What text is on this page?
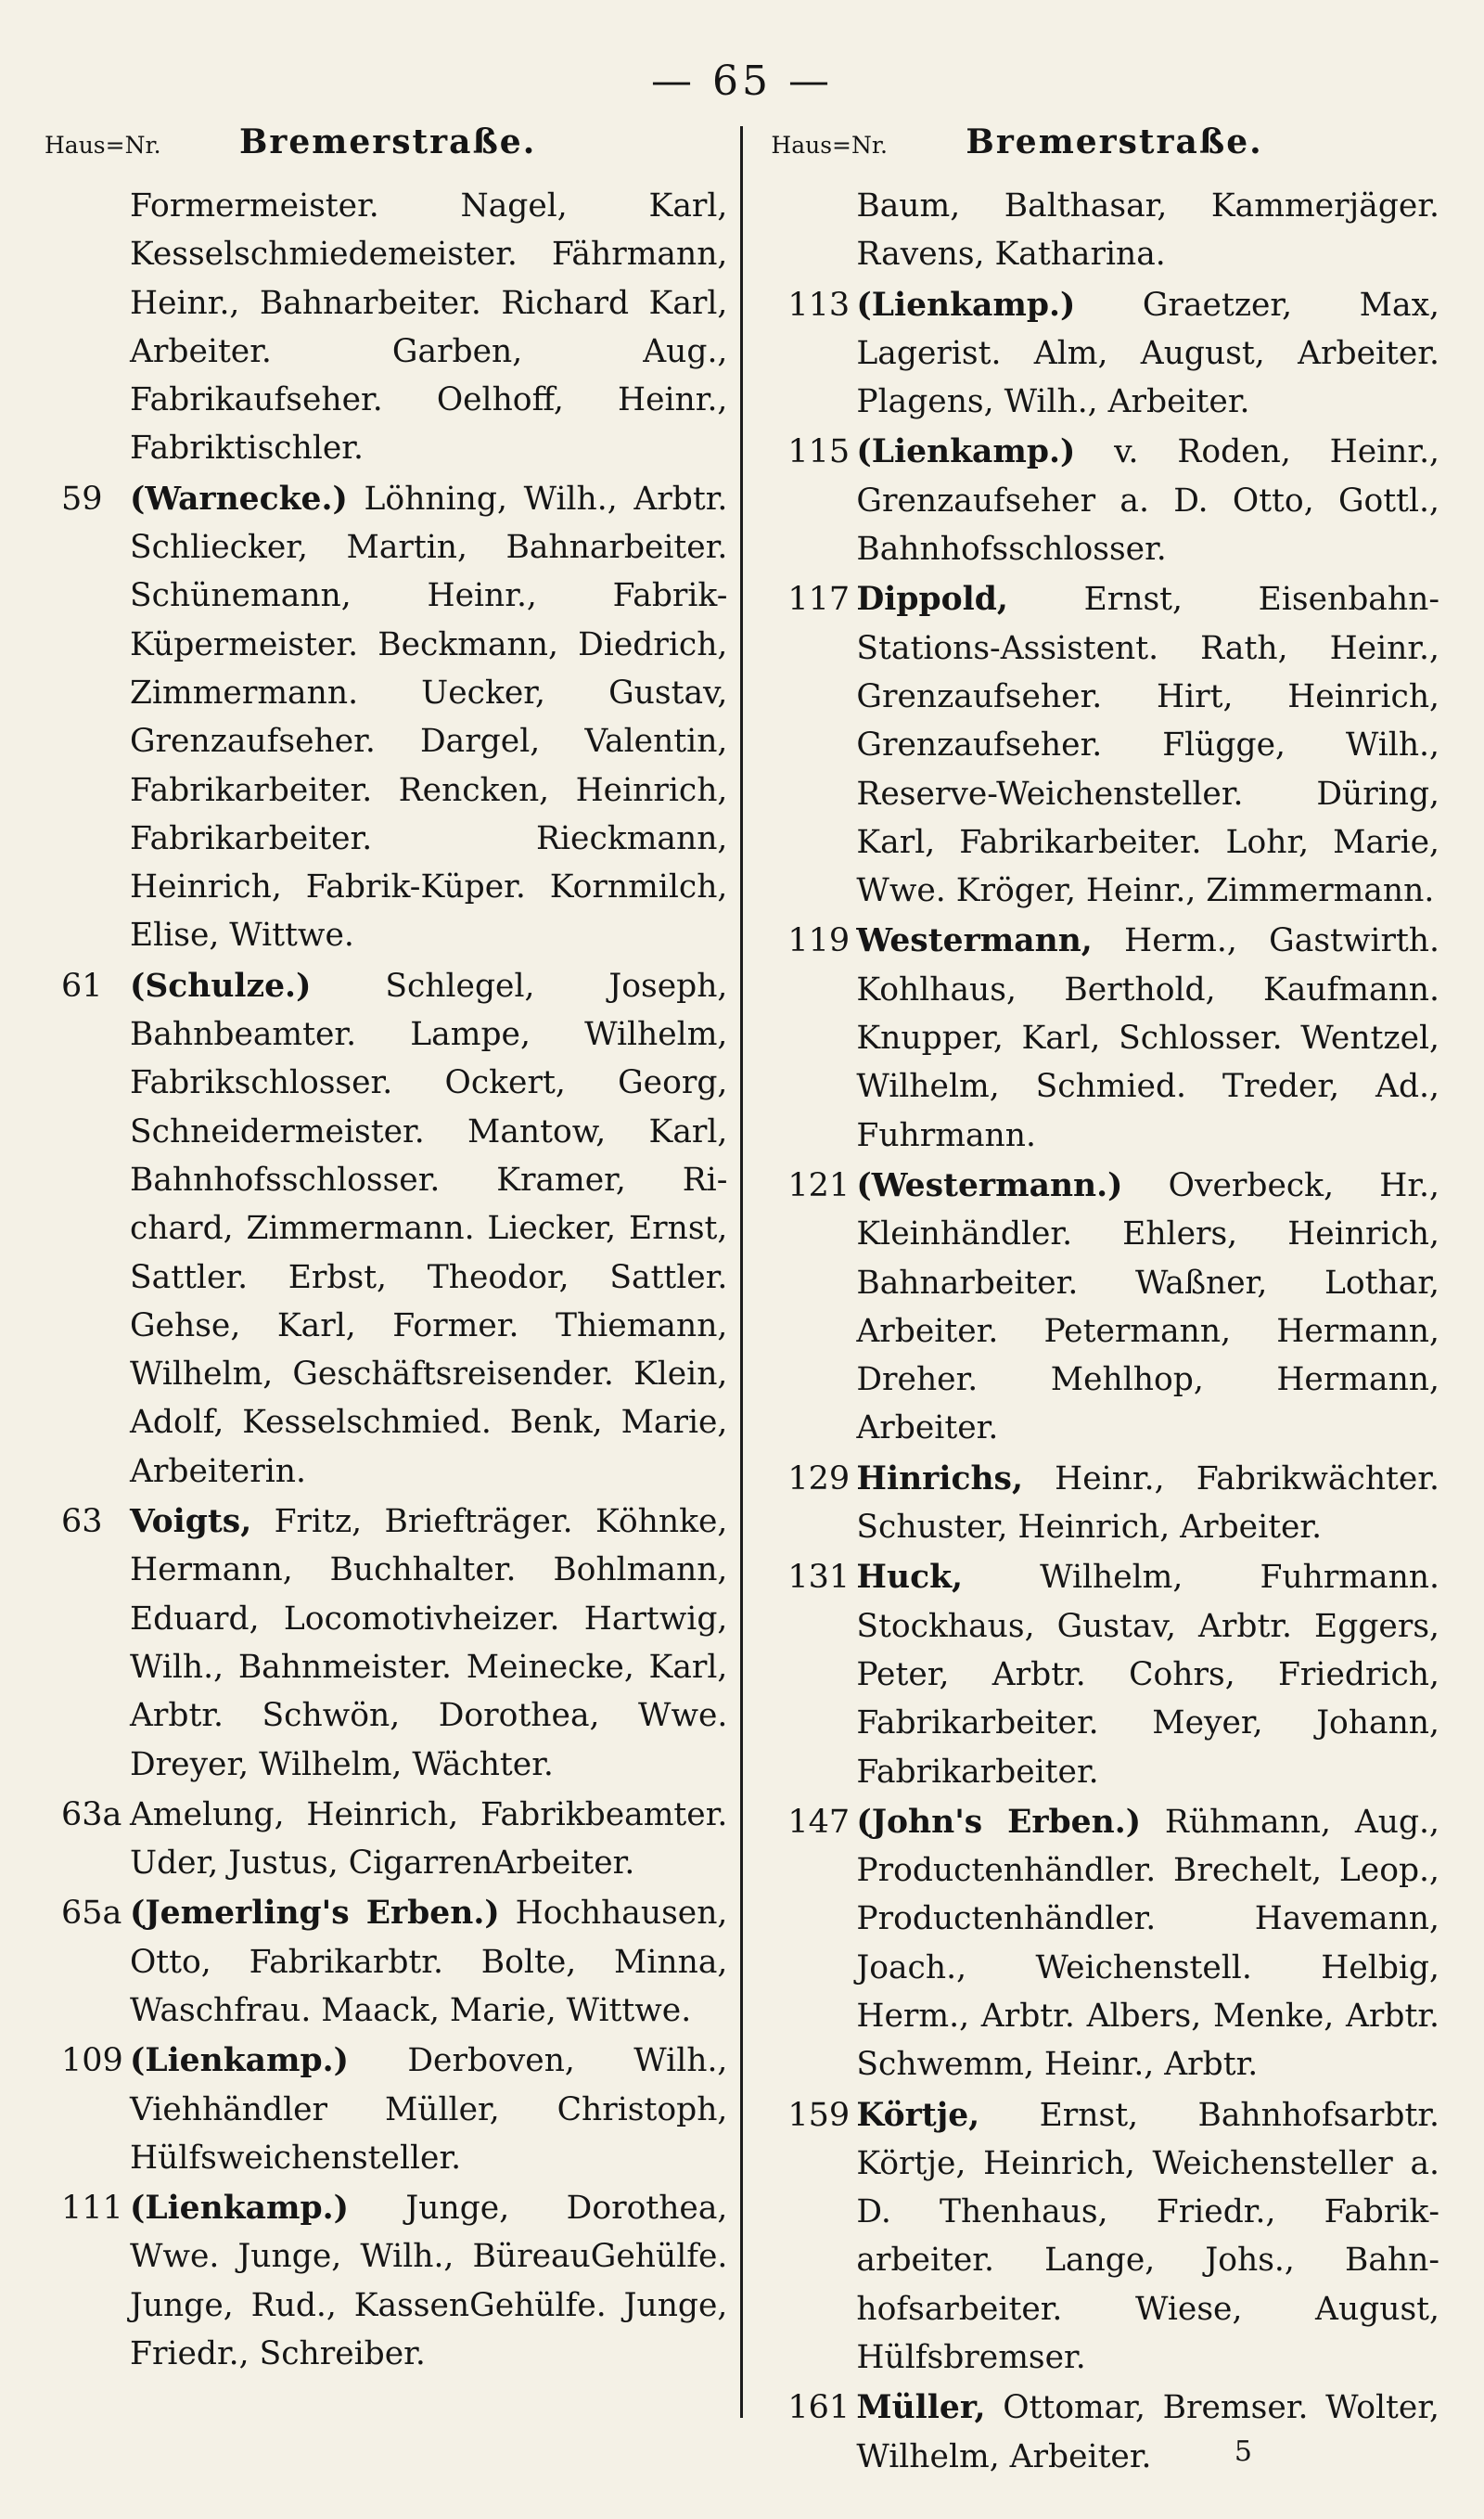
— 65 —
Haus=Nr.	Bremerstraße.
Formermeister. Nagel, Karl, Kesselschmiedemeister. Fährmann, Heinr., Bahnarbeiter. Richard Karl, Arbeiter. Garben, Aug., Fabrikaufseher. Oelhoff, Heinr., Fabriktischler.
59 (Warnecke.) Löhning, Wilh., Arbtr. Schliecker, Martin, Bahnarbeiter. Schünemann, Heinr., Fabrik-Küpermeister. Beckmann, Diedrich, Zimmermann. Uecker, Gustav, Grenzaufseher. Dargel, Valentin, Fabrikarbeiter. Rencken, Heinrich, Fabrikarbeiter. Rieckmann, Heinrich, Fabrik-Küper. Kornmilch, Elise, Wittwe.
61 (Schulze.) Schlegel, Joseph, Bahnbeamter. Lampe, Wilhelm, Fabrikschlosser. Ockert, Georg, Schneidermeister. Mantow, Karl, Bahnhofsschlosser. Kramer, Richard, Zimmermann. Liecker, Ernst, Sattler. Erbst, Theodor, Sattler. Gehse, Karl, Former. Thiemann, Wilhelm, Geschäftsreisender. Klein, Adolf, Kesselschmied. Benk, Marie, Arbeiterin.
63 Voigts, Fritz, Briefträger. Köhnke, Hermann, Buchhalter. Bohlmann, Eduard, Locomotivheizer. Hartwig, Wilh., Bahnmeister. Meinecke, Karl, Arbtr. Schwön, Dorothea, Wwe. Dreyer, Wilhelm, Wächter.
63a Amelung, Heinrich, Fabrikbeamter. Uder, Justus, CigarrenArbeiter.
65a (Jemerling's Erben.) Hochhausen, Otto, Fabrikarbtr. Bolte, Minna, Waschfrau. Maack, Marie, Wittwe.
109 (Lienkamp.) Derboven, Wilh., Viehhändler Müller, Christoph, Hülfsweichensteller.
111 (Lienkamp.) Junge, Dorothea, Wwe. Junge, Wilh., BüreauGehülfe. Junge, Rud., KassenGehülfe. Junge, Friedr., Schreiber.
Haus=Nr.	Bremerstraße.
Baum, Balthasar, Kammerjäger. Ravens, Katharina.
113 (Lienkamp.) Graetzer, Max, Lagerist. Alm, August, Arbeiter. Plagens, Wilh., Arbeiter.
115 (Lienkamp.) v. Roden, Heinr., Grenzaufseher a. D. Otto, Gottl., Bahnhofsschlosser.
117 Dippold, Ernst, EisenbahnStations-Assistent. Rath, Heinr., Grenzaufseher. Hirt, Heinrich, Grenzaufseher. Flügge, Wilh., Reserve-Weichensteller. Düring, Karl, Fabrikarbeiter. Lohr, Marie, Wwe. Kröger, Heinr., Zimmermann.
119 Westermann, Herm., Gastwirth. Kohlhaus, Berthold, Kaufmann. Knupper, Karl, Schlosser. Wentzel, Wilhelm, Schmied. Treder, Ad., Fuhrmann.
121 (Westermann.) Overbeck, Hr., Kleinhändler. Ehlers, Heinrich, Bahnarbeiter. Waßner, Lothar, Arbeiter. Petermann, Hermann, Dreher. Mehlhop, Hermann, Arbeiter.
129 Hinrichs, Heinr., Fabrikwächter. Schuster, Heinrich, Arbeiter.
131 Huck, Wilhelm, Fuhrmann. Stockhaus, Gustav, Arbtr. Eggers, Peter, Arbtr. Cohrs, Friedrich, Fabrikarbeiter. Meyer, Johann, Fabrikarbeiter.
147 (John's Erben.) Rühmann, Aug., Productenhändler. Brechelt, Leop., Productenhändler. Havemann, Joach., Weichenstell. Helbig, Herm., Arbtr. Albers, Menke, Arbtr. Schwemm, Heinr., Arbtr.
159 Körtje, Ernst, Bahnhofsarbtr. Körtje, Heinrich, Weichensteller a. D. Thenhaus, Friedr., Fabrikarbeiter. Lange, Johs., Bahnhofsarbeiter. Wiese, August, Hülfsbremser.
161 Müller, Ottomar, Bremser. Wolter, Wilhelm, Arbeiter.	5
